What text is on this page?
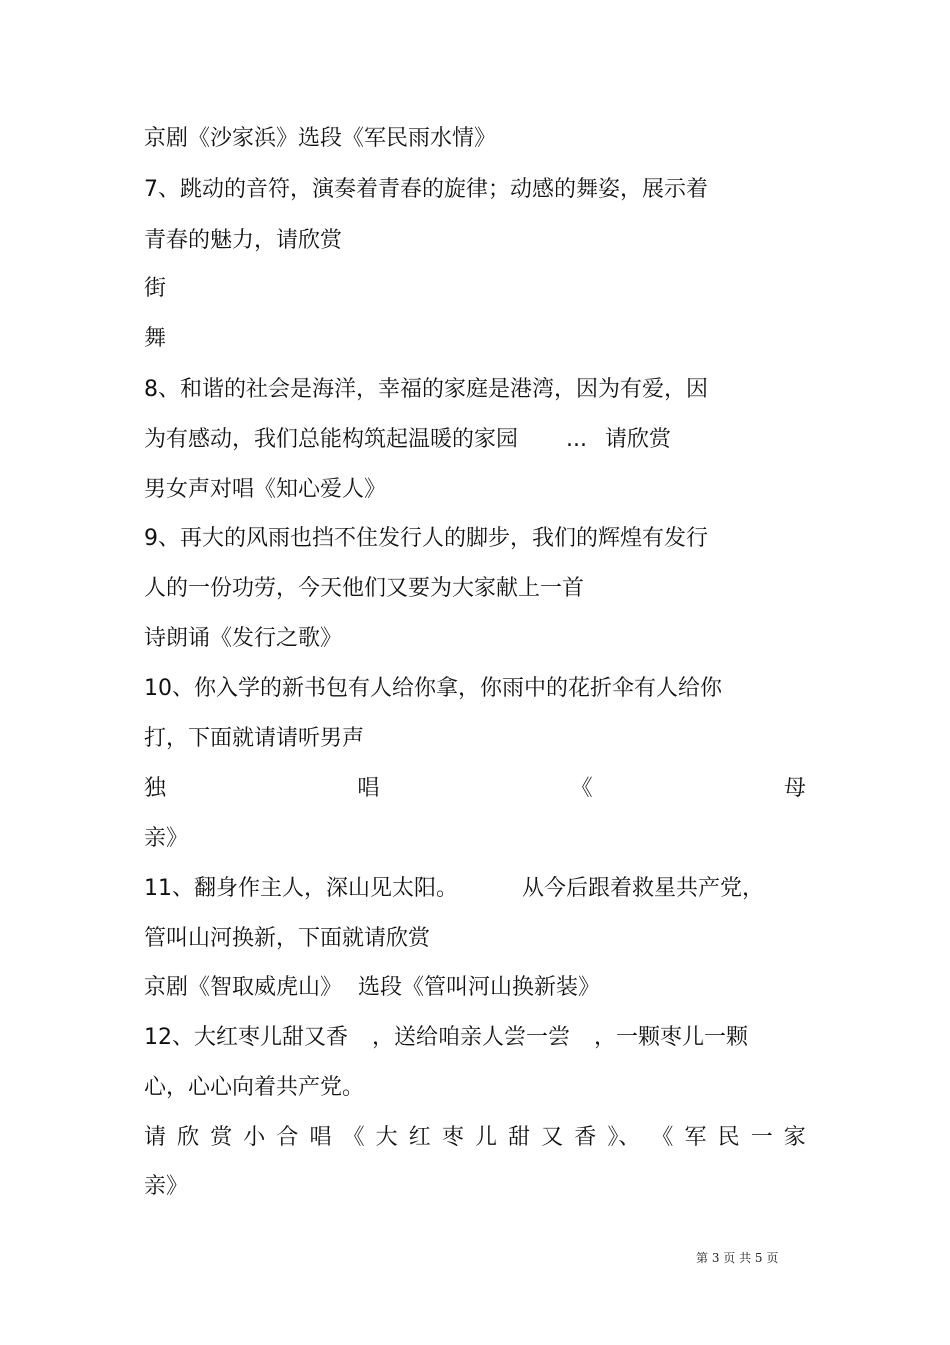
京剧《沙家浜》选段《军民雨水情》
7、跳动的音符，演奏着青春的旋律；动感的舞姿，展示着
青春的魅力，请欣赏
街
舞
8、和谐的社会是海洋，幸福的家庭是港湾，因为有爱，因
为有感动，我们总能构筑起温暖的家园 ... 请欣赏
男女声对唱《知心爱人》
9、再大的风雨也挡不住发行人的脚步，我们的辉煌有发行
人的一份功劳，今天他们又要为大家献上一首
诗朗诵《发行之歌》
10、你入学的新书包有人给你拿，你雨中的花折伞有人给你
打，下面就请请听男声
独	唱	《	母
亲》
11、翻身作主人，深山见太阳。	从今后跟着救星共产党，
管叫山河换新，下面就请欣赏
京剧《智取威虎山》 选段《管叫河山换新装》
12、大红枣儿甜又香 ，送给咱亲人尝一尝 ，一颗枣儿一颗
心，心心向着共产党。
请 欣 赏 小 合 唱 《 大 红 枣 儿 甜 又 香 》、 《 军 民 一 家
亲》
第 3 页 共 5 页
